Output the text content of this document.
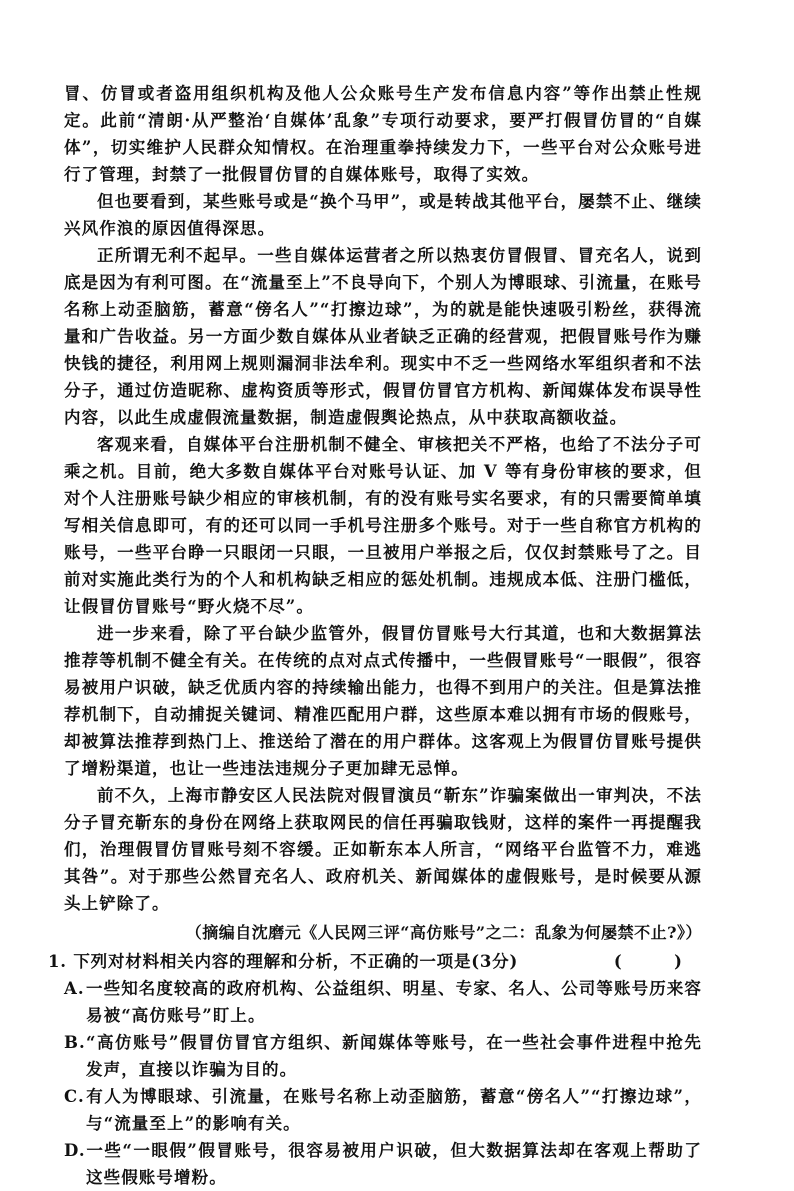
冒、仿冒或者盗用组织机构及他人公众账号生产发布信息内容”等作出禁止性规定。此前“清朗·从严整治‘自媒体’乱象”专项行动要求，要严打假冒仿冒的“自媒体”，切实维护人民群众知情权。在治理重拳持续发力下，一些平台对公众账号进行了管理，封禁了一批假冒仿冒的自媒体账号，取得了实效。

但也要看到，某些账号或是“换个马甲”，或是转战其他平台，屡禁不止、继续兴风作浪的原因值得深思。

正所谓无利不起早。一些自媒体运营者之所以热衷仿冒假冒、冒充名人，说到底是因为有利可图。在“流量至上”不良导向下，个别人为博眼球、引流量，在账号名称上动歪脑筋，蓄意“傍名人”“打擦边球”，为的就是能快速吸引粉丝，获得流量和广告收益。另一方面少数自媒体从业者缺乏正确的经营观，把假冒账号作为赚快钱的捷径，利用网上规则漏洞非法牟利。现实中不乏一些网络水军组织者和不法分子，通过仿造昵称、虚构资质等形式，假冒仿冒官方机构、新闻媒体发布误导性内容，以此生成虚假流量数据，制造虚假舆论热点，从中获取高额收益。

客观来看，自媒体平台注册机制不健全、审核把关不严格，也给了不法分子可乘之机。目前，绝大多数自媒体平台对账号认证、加 V 等有身份审核的要求，但对个人注册账号缺少相应的审核机制，有的没有账号实名要求，有的只需要简单填写相关信息即可，有的还可以同一手机号注册多个账号。对于一些自称官方机构的账号，一些平台睁一只眼闭一只眼，一旦被用户举报之后，仅仅封禁账号了之。目前对实施此类行为的个人和机构缺乏相应的惩处机制。违规成本低、注册门槛低，让假冒仿冒账号“野火烧不尽”。

进一步来看，除了平台缺少监管外，假冒仿冒账号大行其道，也和大数据算法推荐等机制不健全有关。在传统的点对点式传播中，一些假冒账号“一眼假”，很容易被用户识破，缺乏优质内容的持续输出能力，也得不到用户的关注。但是算法推荐机制下，自动捕捉关键词、精准匹配用户群，这些原本难以拥有市场的假账号，却被算法推荐到热门上、推送给了潜在的用户群体。这客观上为假冒仿冒账号提供了增粉渠道，也让一些违法违规分子更加肆无忌惮。

前不久，上海市静安区人民法院对假冒演员“靳东”诈骗案做出一审判决，不法分子冒充靳东的身份在网络上获取网民的信任再骗取钱财，这样的案件一再提醒我们，治理假冒仿冒账号刻不容缓。正如靳东本人所言，“网络平台监管不力，难逃其咎”。对于那些公然冒充名人、政府机关、新闻媒体的虚假账号，是时候要从源头上铲除了。

（摘编自沈磨元《人民网三评“高仿账号”之二：乱象为何屡禁不止?》）

1. 下列对材料相关内容的理解和分析，不正确的一项是(3分)	(　)

A.一些知名度较高的政府机构、公益组织、明星、专家、名人、公司等账号历来容易被“高仿账号”盯上。

B.“高仿账号”假冒仿冒官方组织、新闻媒体等账号，在一些社会事件进程中抢先发声，直接以诈骗为目的。

C.有人为博眼球、引流量，在账号名称上动歪脑筋，蓄意“傍名人”“打擦边球”，与“流量至上”的影响有关。

D.一些“一眼假”假冒账号，很容易被用户识破，但大数据算法却在客观上帮助了这些假账号增粉。
